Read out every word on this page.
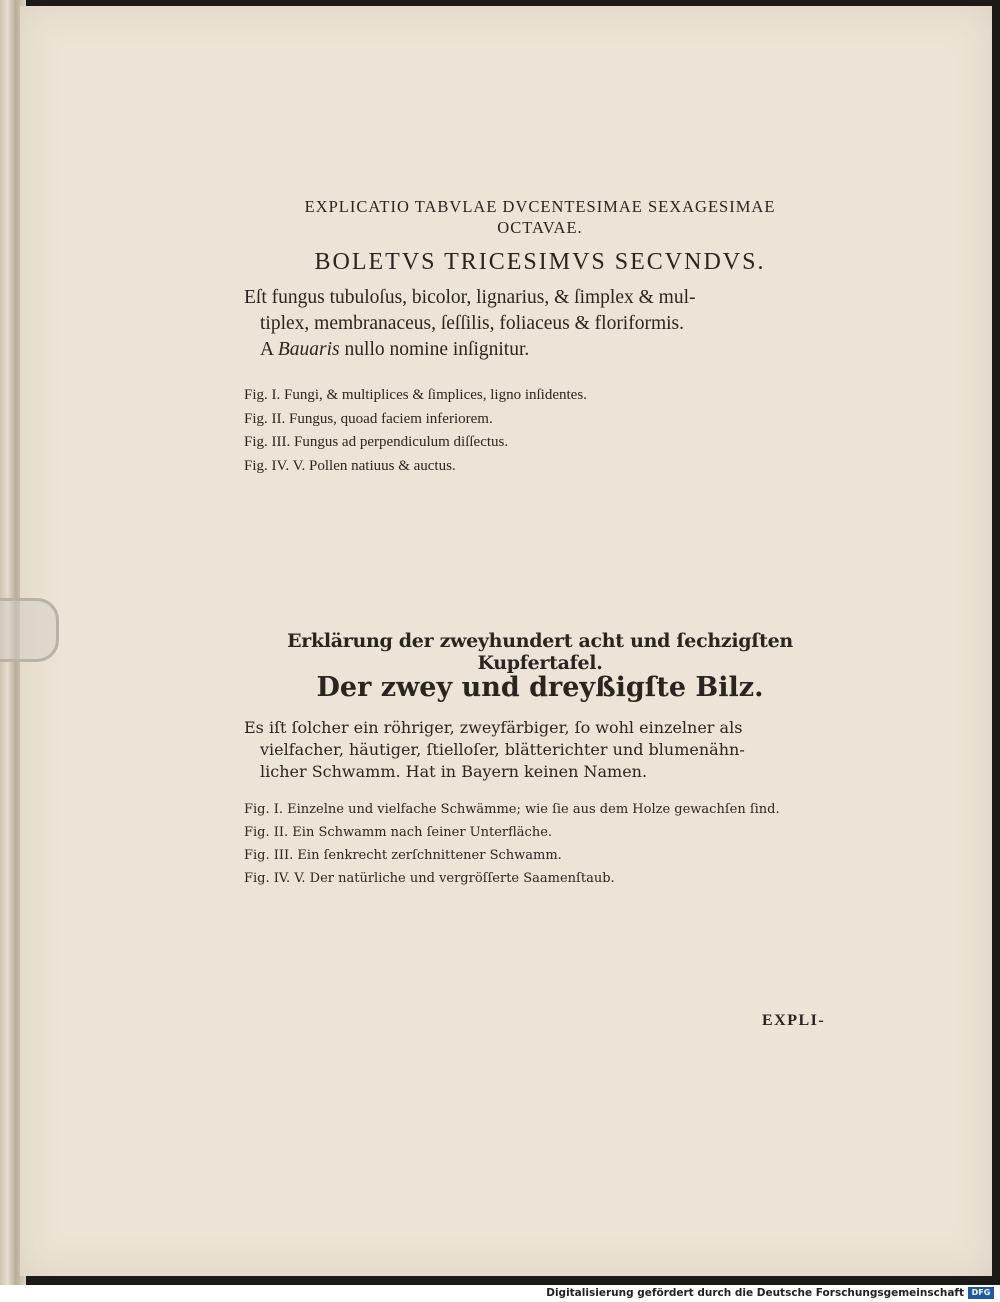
EXPLICATIO TABVLAE DVCENTESIMAE SEXAGESIMAE
OCTAVAE.
BOLETVS TRICESIMVS SECVNDVS.
Eſt fungus tubuloſus, bicolor, lignarius, & ſimplex & mul-
tiplex, membranaceus, ſeſſilis, foliaceus & floriformis.
A Bauaris nullo nomine inſignitur.
Fig. I. Fungi, & multiplices & ſimplices, ligno inſidentes.
Fig. II. Fungus, quoad faciem inferiorem.
Fig. III. Fungus ad perpendiculum diſſectus.
Fig. IV. V. Pollen natiuus & auctus.
Erklärung der zweyhundert acht und ſechzigſten Kupfertafel.
Der zwey und dreyßigſte Bilz.
Es iſt ſolcher ein röhriger, zweyfärbiger, ſo wohl einzelner als
vielfacher, häutiger, ſtielloſer, blätterichter und blumenähn-
licher Schwamm. Hat in Bayern keinen Namen.
Fig. I. Einzelne und vielfache Schwämme; wie ſie aus dem Holze gewachſen ſind.
Fig. II. Ein Schwamm nach ſeiner Unterfläche.
Fig. III. Ein ſenkrecht zerſchnittener Schwamm.
Fig. IV. V. Der natürliche und vergröſſerte Saamenſtaub.
EXPLI-
Digitalisierung gefördert durch die Deutsche Forschungsgemeinschaft DFG
